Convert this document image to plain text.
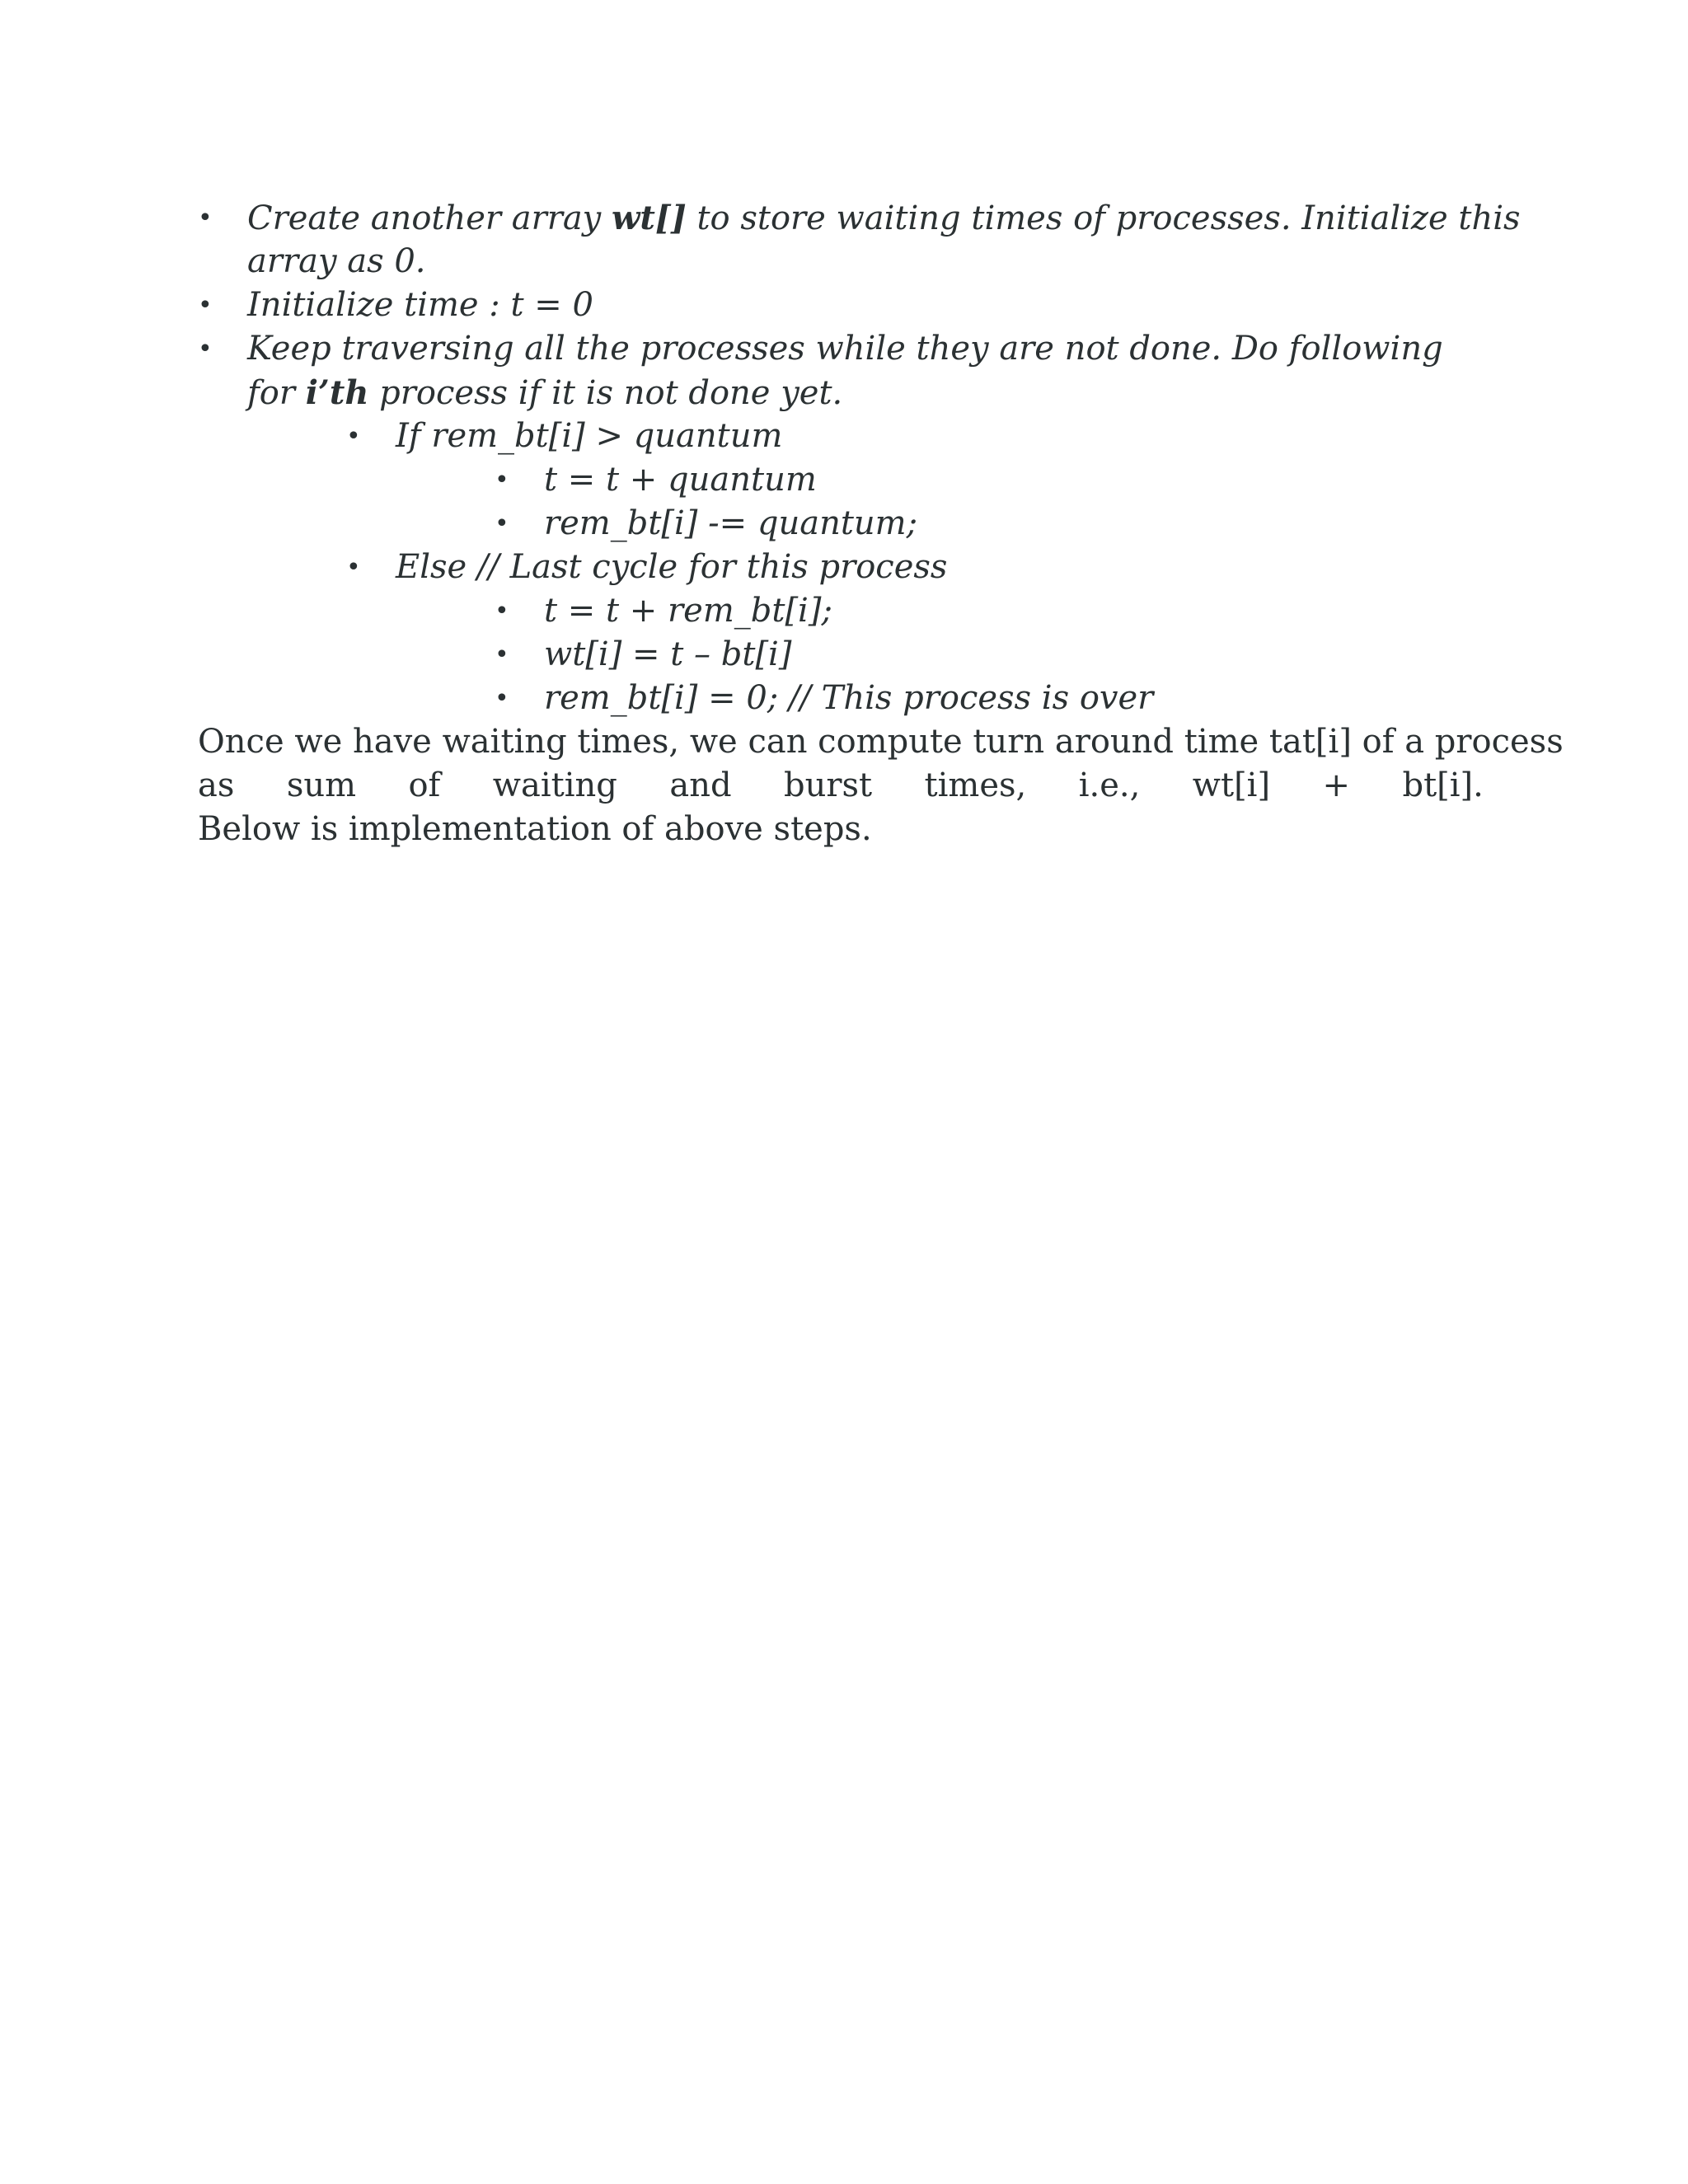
• Create another array wt[] to store waiting times of processes. Initialize this
array as 0.
• Initialize time : t = 0
• Keep traversing all the processes while they are not done. Do following
for i’th process if it is not done yet.
• If rem_bt[i] > quantum
• t = t + quantum
• rem_bt[i] -= quantum;
• Else // Last cycle for this process
• t = t + rem_bt[i];
• wt[i] = t – bt[i]
• rem_bt[i] = 0; // This process is over
Once we have waiting times, we can compute turn around time tat[i] of a process
as sum of waiting and burst times, i.e., wt[i] + bt[i].
Below is implementation of above steps.
